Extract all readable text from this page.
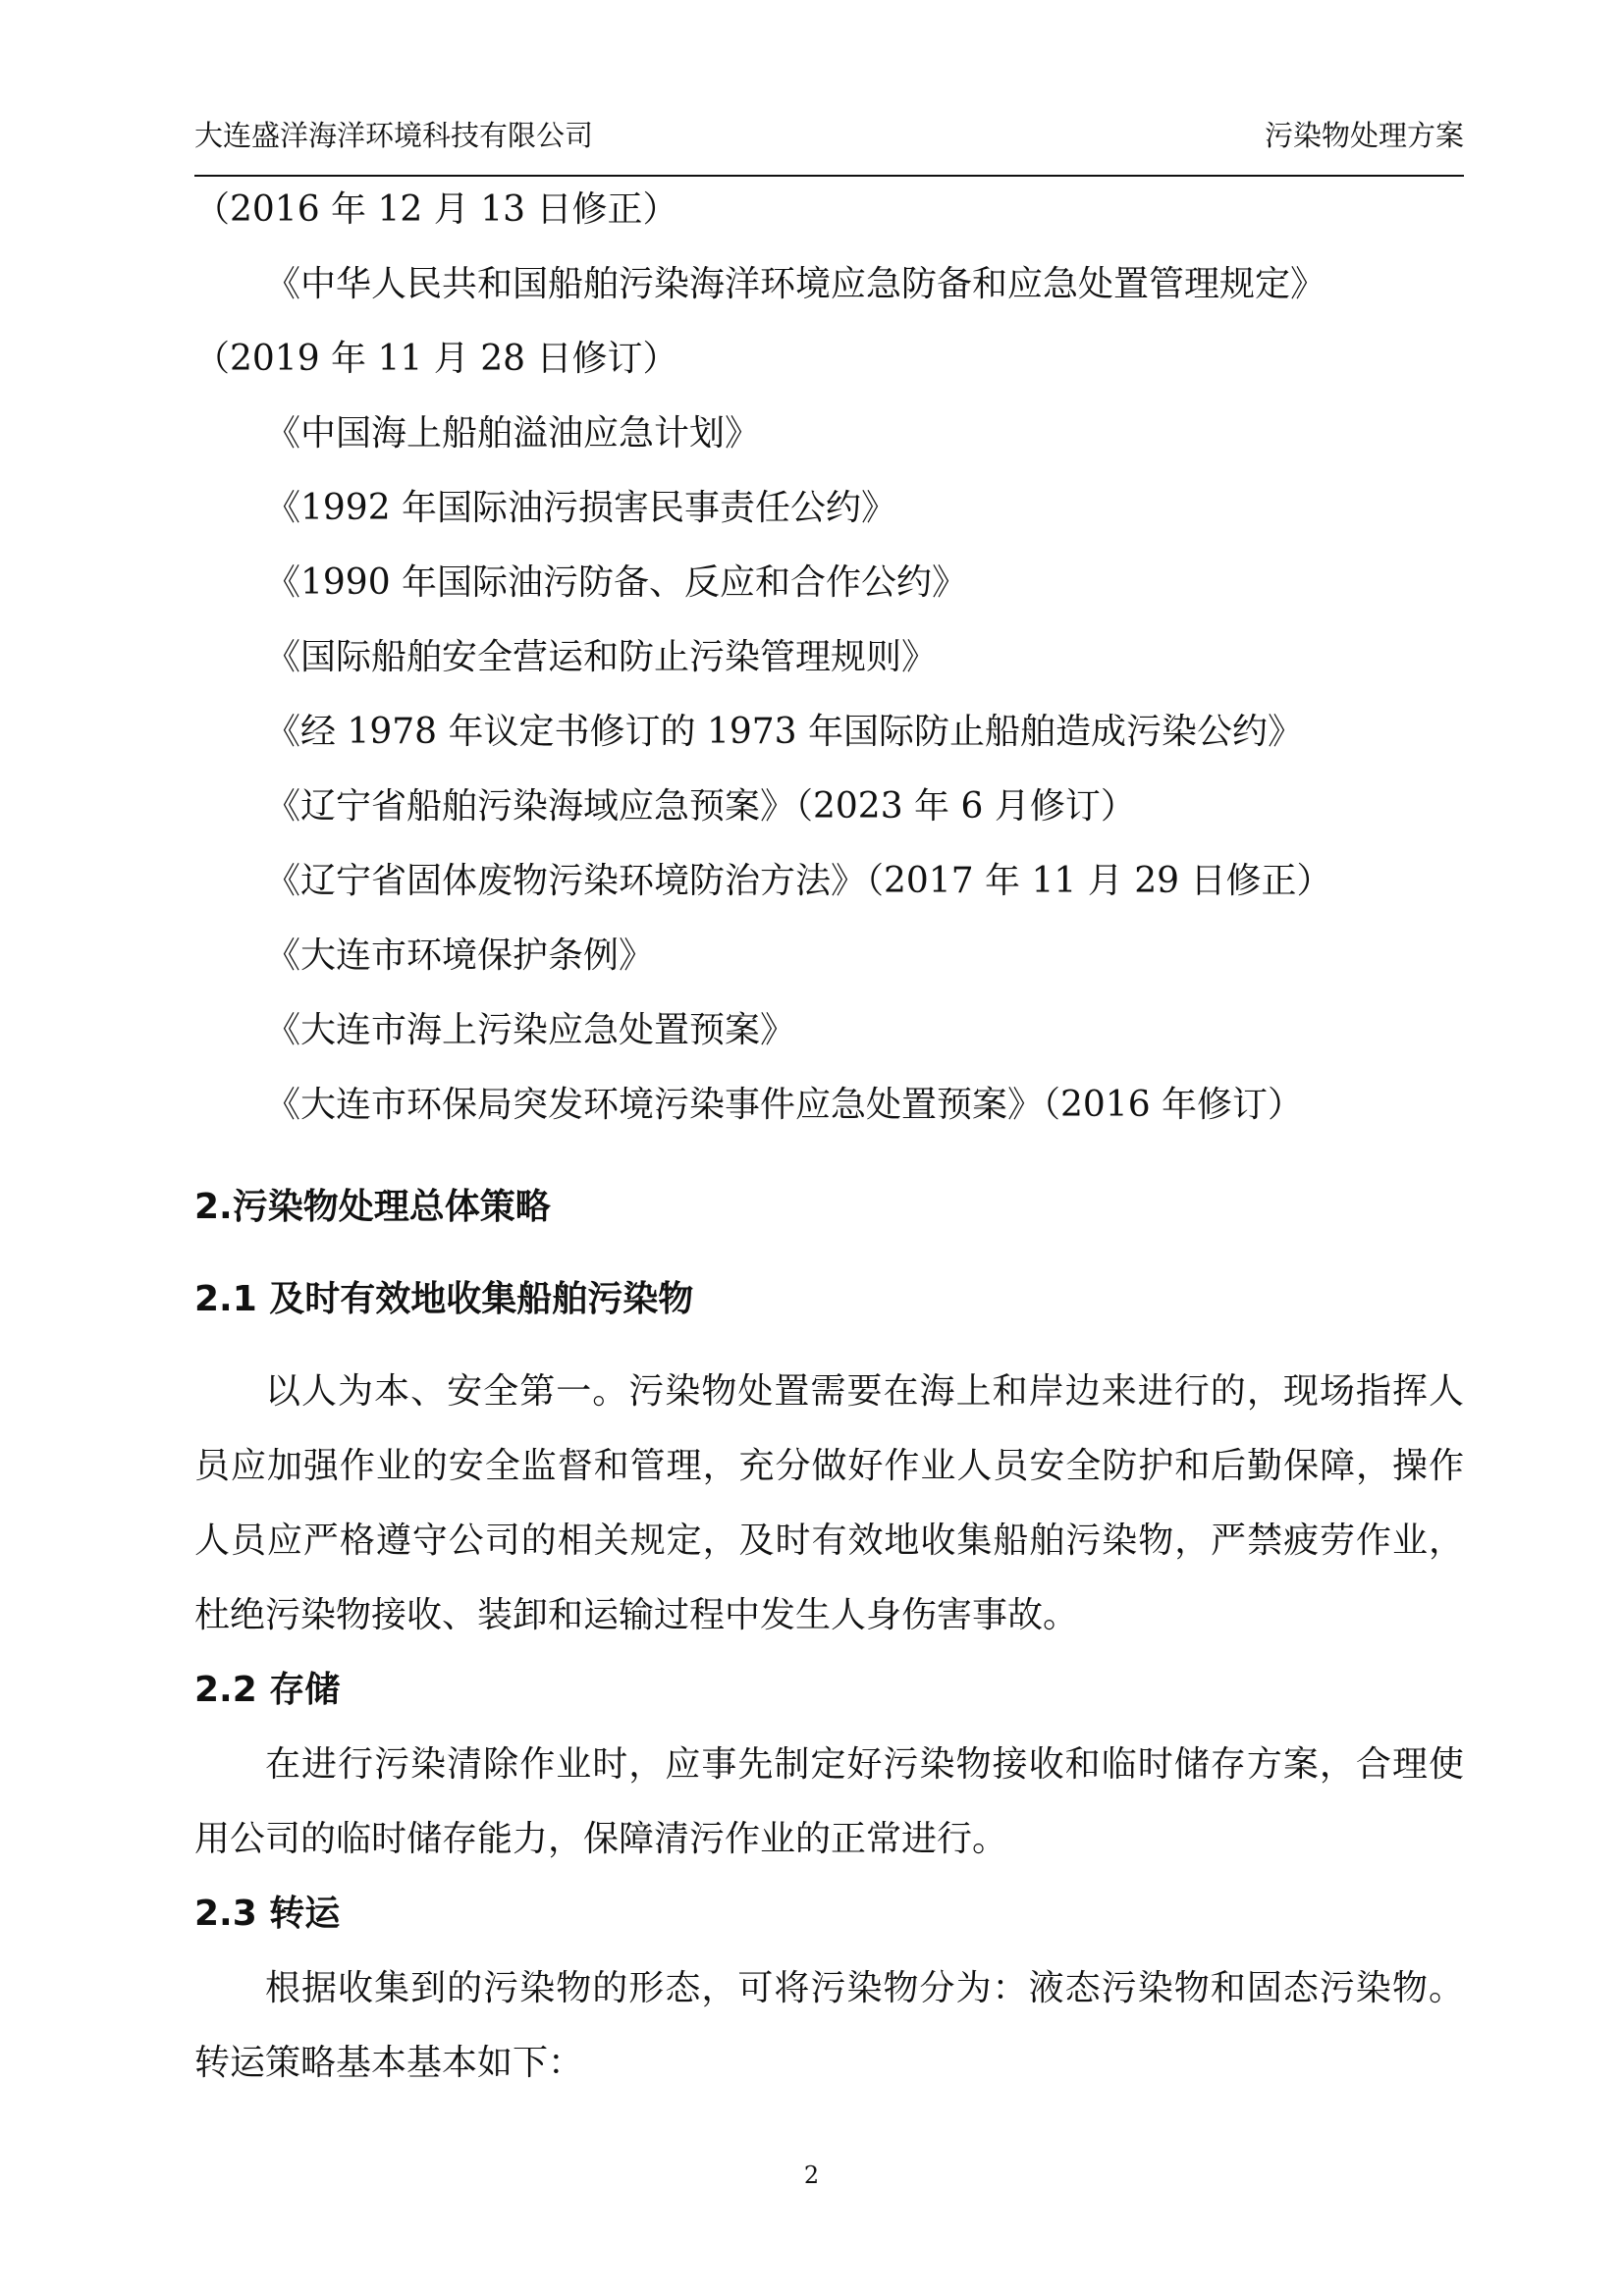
大连盛洋海洋环境科技有限公司	污染物处理方案
（2016 年 12 月 13 日修正）
《中华人民共和国船舶污染海洋环境应急防备和应急处置管理规定》
（2019 年 11 月 28 日修订）
《中国海上船舶溢油应急计划》
《1992 年国际油污损害民事责任公约》
《1990 年国际油污防备、反应和合作公约》
《国际船舶安全营运和防止污染管理规则》
《经 1978 年议定书修订的 1973 年国际防止船舶造成污染公约》
《辽宁省船舶污染海域应急预案》（2023 年 6 月修订）
《辽宁省固体废物污染环境防治方法》（2017 年 11 月 29 日修正）
《大连市环境保护条例》
《大连市海上污染应急处置预案》
《大连市环保局突发环境污染事件应急处置预案》（2016 年修订）
2.污染物处理总体策略
2.1 及时有效地收集船舶污染物

以人为本、安全第一。污染物处置需要在海上和岸边来进行的，现场指挥人员应加强作业的安全监督和管理，充分做好作业人员安全防护和后勤保障，操作人员应严格遵守公司的相关规定，及时有效地收集船舶污染物，严禁疲劳作业，杜绝污染物接收、装卸和运输过程中发生人身伤害事故。

2.2 存储

在进行污染清除作业时，应事先制定好污染物接收和临时储存方案，合理使用公司的临时储存能力，保障清污作业的正常进行。

2.3 转运

根据收集到的污染物的形态，可将污染物分为：液态污染物和固态污染物。转运策略基本基本如下：

2
